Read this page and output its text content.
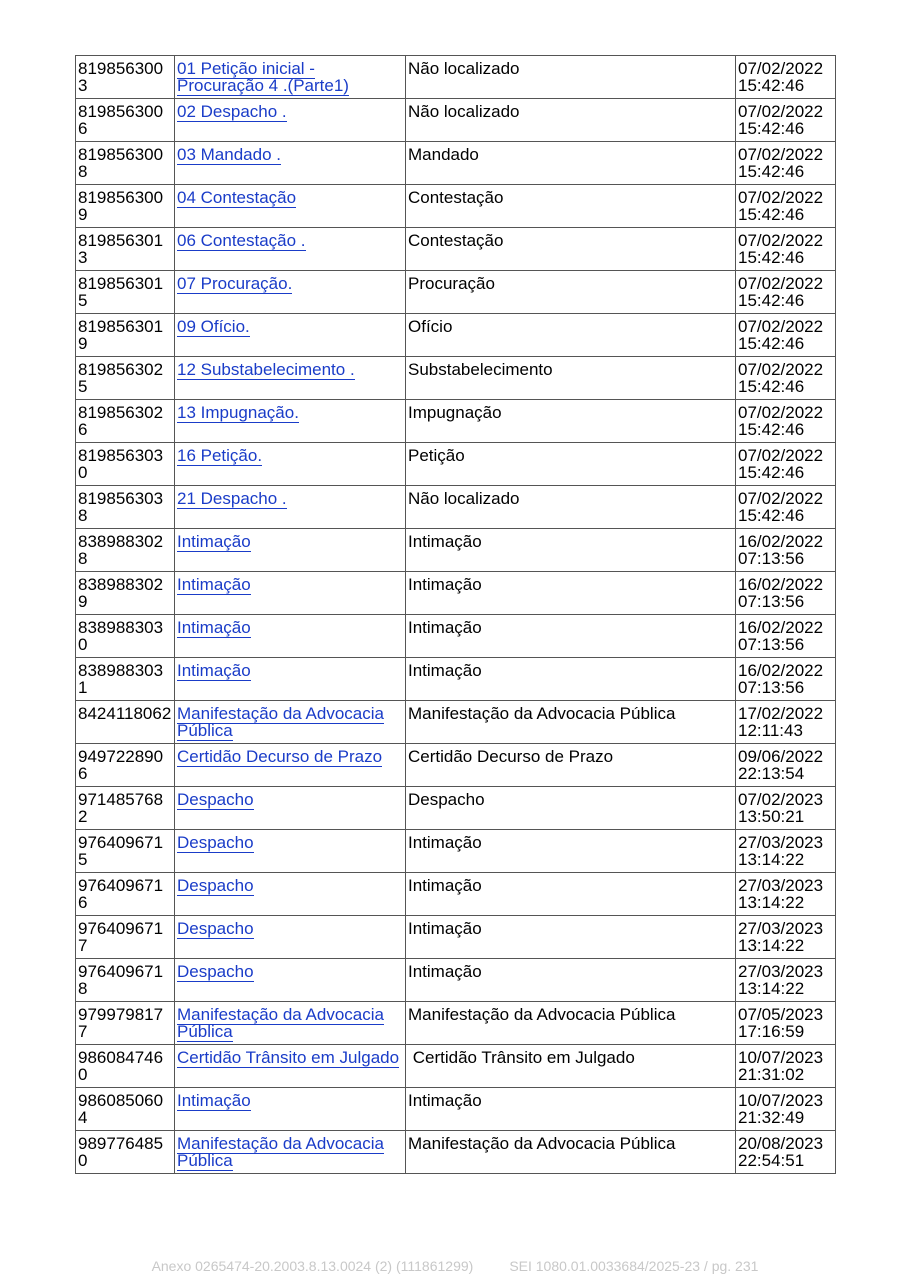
8198563003	01 Petição inicial - Procuração 4 .(Parte1)	Não localizado	07/02/2022
15:42:46

8198563006	02 Despacho .	Não localizado	07/02/2022
15:42:46

8198563008	03 Mandado .	Mandado	07/02/2022
15:42:46

8198563009	04 Contestação	Contestação	07/02/2022
15:42:46

8198563013	06 Contestação .	Contestação	07/02/2022
15:42:46

8198563015	07 Procuração.	Procuração	07/02/2022
15:42:46

8198563019	09 Ofício.	Ofício	07/02/2022
15:42:46

8198563025	12 Substabelecimento .	Substabelecimento	07/02/2022
15:42:46

8198563026	13 Impugnação.	Impugnação	07/02/2022
15:42:46

8198563030	16 Petição.	Petição	07/02/2022
15:42:46

8198563038	21 Despacho .	Não localizado	07/02/2022
15:42:46

8389883028	Intimação	Intimação	16/02/2022
07:13:56

8389883029	Intimação	Intimação	16/02/2022
07:13:56

8389883030	Intimação	Intimação	16/02/2022
07:13:56

8389883031	Intimação	Intimação	16/02/2022
07:13:56

8424118062	Manifestação da Advocacia Pública	Manifestação da Advocacia Pública	17/02/2022
12:11:43

9497228906	Certidão Decurso de Prazo	Certidão Decurso de Prazo	09/06/2022
22:13:54

9714857682	Despacho	Despacho	07/02/2023
13:50:21

9764096715	Despacho	Intimação	27/03/2023
13:14:22

9764096716	Despacho	Intimação	27/03/2023
13:14:22

9764096717	Despacho	Intimação	27/03/2023
13:14:22

9764096718	Despacho	Intimação	27/03/2023
13:14:22

9799798177	Manifestação da Advocacia Pública	Manifestação da Advocacia Pública	07/05/2023
17:16:59

9860847460	Certidão Trânsito em Julgado	Certidão Trânsito em Julgado	10/07/2023
21:31:02

9860850604	Intimação	Intimação	10/07/2023
21:32:49

9897764850	Manifestação da Advocacia Pública	Manifestação da Advocacia Pública	20/08/2023
22:54:51
Anexo 0265474-20.2003.8.13.0024 (2) (111861299)	SEI 1080.01.0033684/2025-23 / pg. 231
